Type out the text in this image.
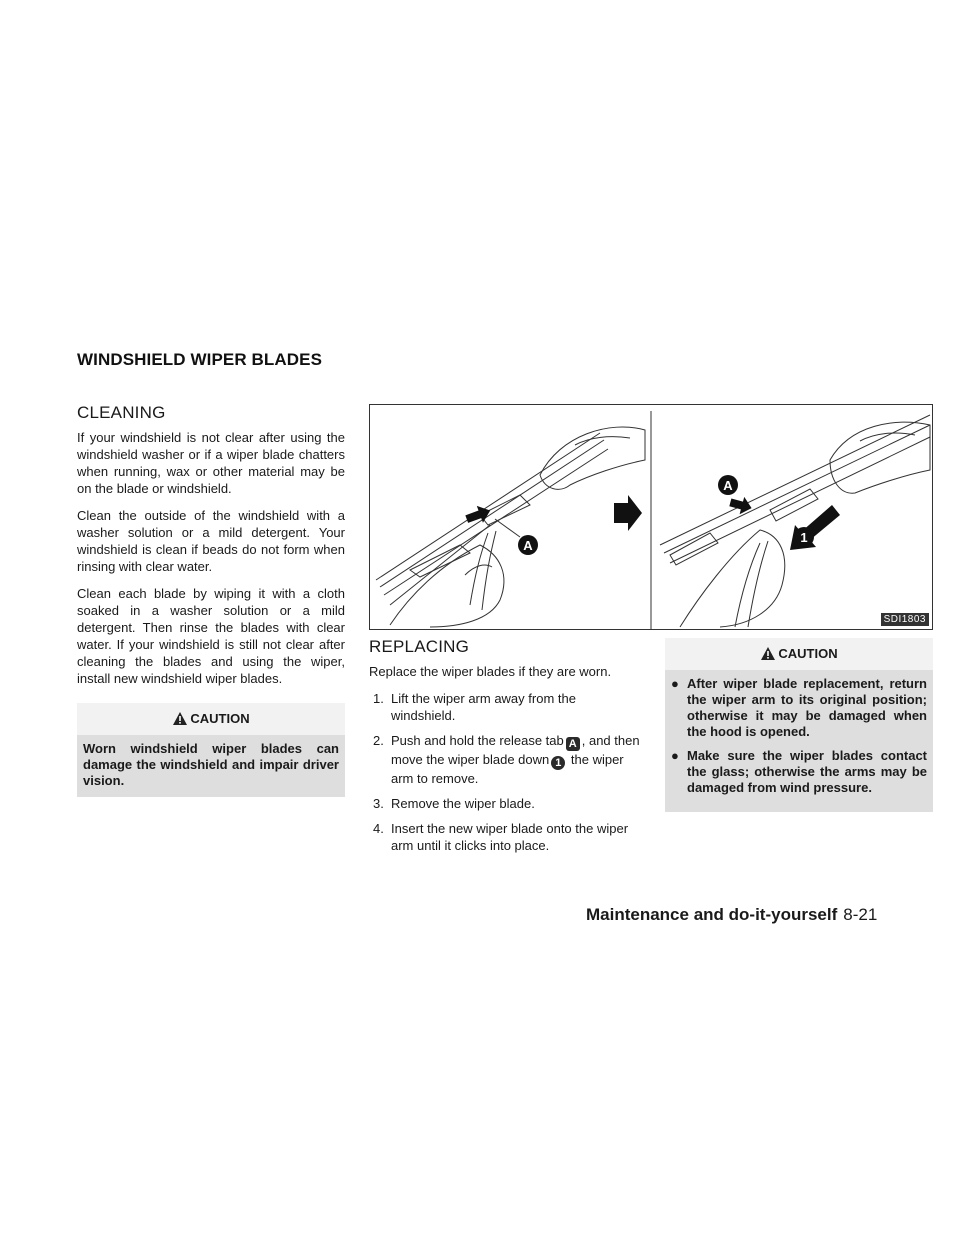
WINDSHIELD WIPER BLADES
CLEANING

If your windshield is not clear after using the windshield washer or if a wiper blade chatters when running, wax or other material may be on the blade or windshield.

Clean the outside of the windshield with a washer solution or a mild detergent. Your windshield is clean if beads do not form when rinsing with clear water.

Clean each blade by wiping it with a cloth soaked in a washer solution or a mild detergent. Then rinse the blades with clear water. If your windshield is still not clear after cleaning the blades and using the wiper, install new windshield wiper blades.

CAUTION
Worn windshield wiper blades can damage the windshield and impair driver vision.
A
A
1
SDI1803
REPLACING

Replace the wiper blades if they are worn.

1. Lift the wiper arm away from the windshield.
2. Push and hold the release tab A , and then move the wiper blade down 1 the wiper arm to remove.
3. Remove the wiper blade.
4. Insert the new wiper blade onto the wiper arm until it clicks into place.
CAUTION
● After wiper blade replacement, return the wiper arm to its original position; otherwise it may be damaged when the hood is opened.
● Make sure the wiper blades contact the glass; otherwise the arms may be damaged from wind pressure.
Maintenance and do-it-yourself 8-21
